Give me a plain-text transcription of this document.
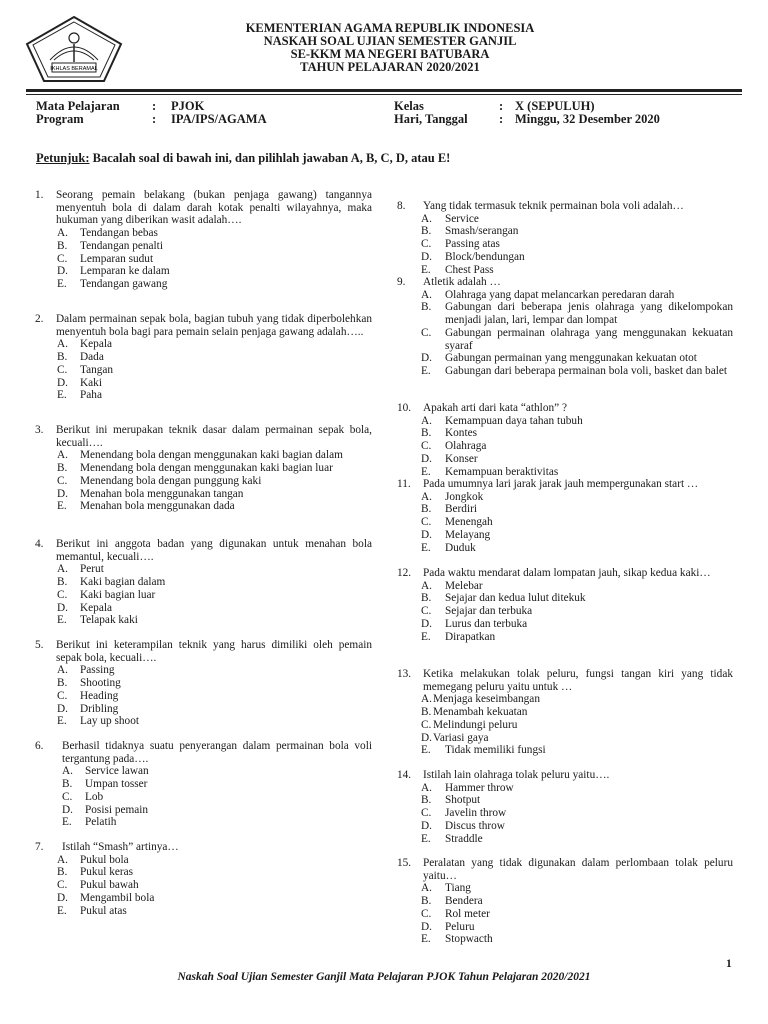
IKHLAS BERAMAL
KEMENTERIAN AGAMA REPUBLIK INDONESIA
NASKAH SOAL UJIAN SEMESTER GANJIL
SE-KKM MA NEGERI BATUBARA
TAHUN PELAJARAN 2020/2021
Mata Pelajaran	: PJOK
Program	: IPA/IPS/AGAMA
Kelas	: X (SEPULUH)
Hari, Tanggal	: Minggu, 32 Desember 2020
Petunjuk: Bacalah soal di bawah ini, dan pilihlah jawaban A, B, C, D, atau E!
1. Seorang pemain belakang (bukan penjaga gawang) tangannya menyentuh bola di dalam darah kotak penalti wilayahnya, maka hukuman yang diberikan wasit adalah….
A. Tendangan bebas
B. Tendangan penalti
C. Lemparan sudut
D. Lemparan ke dalam
E. Tendangan gawang
2. Dalam permainan sepak bola, bagian tubuh yang tidak diperbolehkan menyentuh bola bagi para pemain selain penjaga gawang adalah…..
A. Kepala
B. Dada
C. Tangan
D. Kaki
E. Paha
3. Berikut ini merupakan teknik dasar dalam permainan sepak bola, kecuali….
A. Menendang bola dengan menggunakan kaki bagian dalam
B. Menendang bola dengan menggunakan kaki bagian luar
C. Menendang bola dengan punggung kaki
D. Menahan bola menggunakan tangan
E. Menahan bola menggunakan dada
4. Berikut ini anggota badan yang digunakan untuk menahan bola memantul, kecuali….
A. Perut
B. Kaki bagian dalam
C. Kaki bagian luar
D. Kepala
E. Telapak kaki
5. Berikut ini keterampilan teknik yang harus dimiliki oleh pemain sepak bola, kecuali….
A. Passing
B. Shooting
C. Heading
D. Dribling
E. Lay up shoot
6. Berhasil tidaknya suatu penyerangan dalam permainan bola voli tergantung pada….
A. Service lawan
B. Umpan tosser
C. Lob
D. Posisi pemain
E. Pelatih
7. Istilah “Smash” artinya…
A. Pukul bola
B. Pukul keras
C. Pukul bawah
D. Mengambil bola
E. Pukul atas
8. Yang tidak termasuk teknik permainan bola voli adalah…
A. Service
B. Smash/serangan
C. Passing atas
D. Block/bendungan
E. Chest Pass
9. Atletik adalah …
A. Olahraga yang dapat melancarkan peredaran darah
B. Gabungan dari beberapa jenis olahraga yang dikelompokan menjadi jalan, lari, lempar dan lompat
C. Gabungan permainan olahraga yang menggunakan kekuatan syaraf
D. Gabungan permainan yang menggunakan kekuatan otot
E. Gabungan dari beberapa permainan bola voli, basket dan balet
10. Apakah arti dari kata “athlon” ?
A. Kemampuan daya tahan tubuh
B. Kontes
C. Olahraga
D. Konser
E. Kemampuan beraktivitas
11. Pada umumnya lari jarak jarak jauh mempergunakan start …
A. Jongkok
B. Berdiri
C. Menengah
D. Melayang
E. Duduk
12. Pada waktu mendarat dalam lompatan jauh, sikap kedua kaki…
A. Melebar
B. Sejajar dan kedua lulut ditekuk
C. Sejajar dan terbuka
D. Lurus dan terbuka
E. Dirapatkan
13. Ketika melakukan tolak peluru, fungsi tangan kiri yang tidak memegang peluru yaitu untuk …
A. Menjaga keseimbangan
B. Menambah kekuatan
C. Melindungi peluru
D. Variasi gaya
E. Tidak memiliki fungsi
14. Istilah lain olahraga tolak peluru yaitu….
A. Hammer throw
B. Shotput
C. Javelin throw
D. Discus throw
E. Straddle
15. Peralatan yang tidak digunakan dalam perlombaan tolak peluru yaitu…
A. Tiang
B. Bendera
C. Rol meter
D. Peluru
E. Stopwacth
1
Naskah Soal Ujian Semester Ganjil Mata Pelajaran PJOK Tahun Pelajaran 2020/2021
